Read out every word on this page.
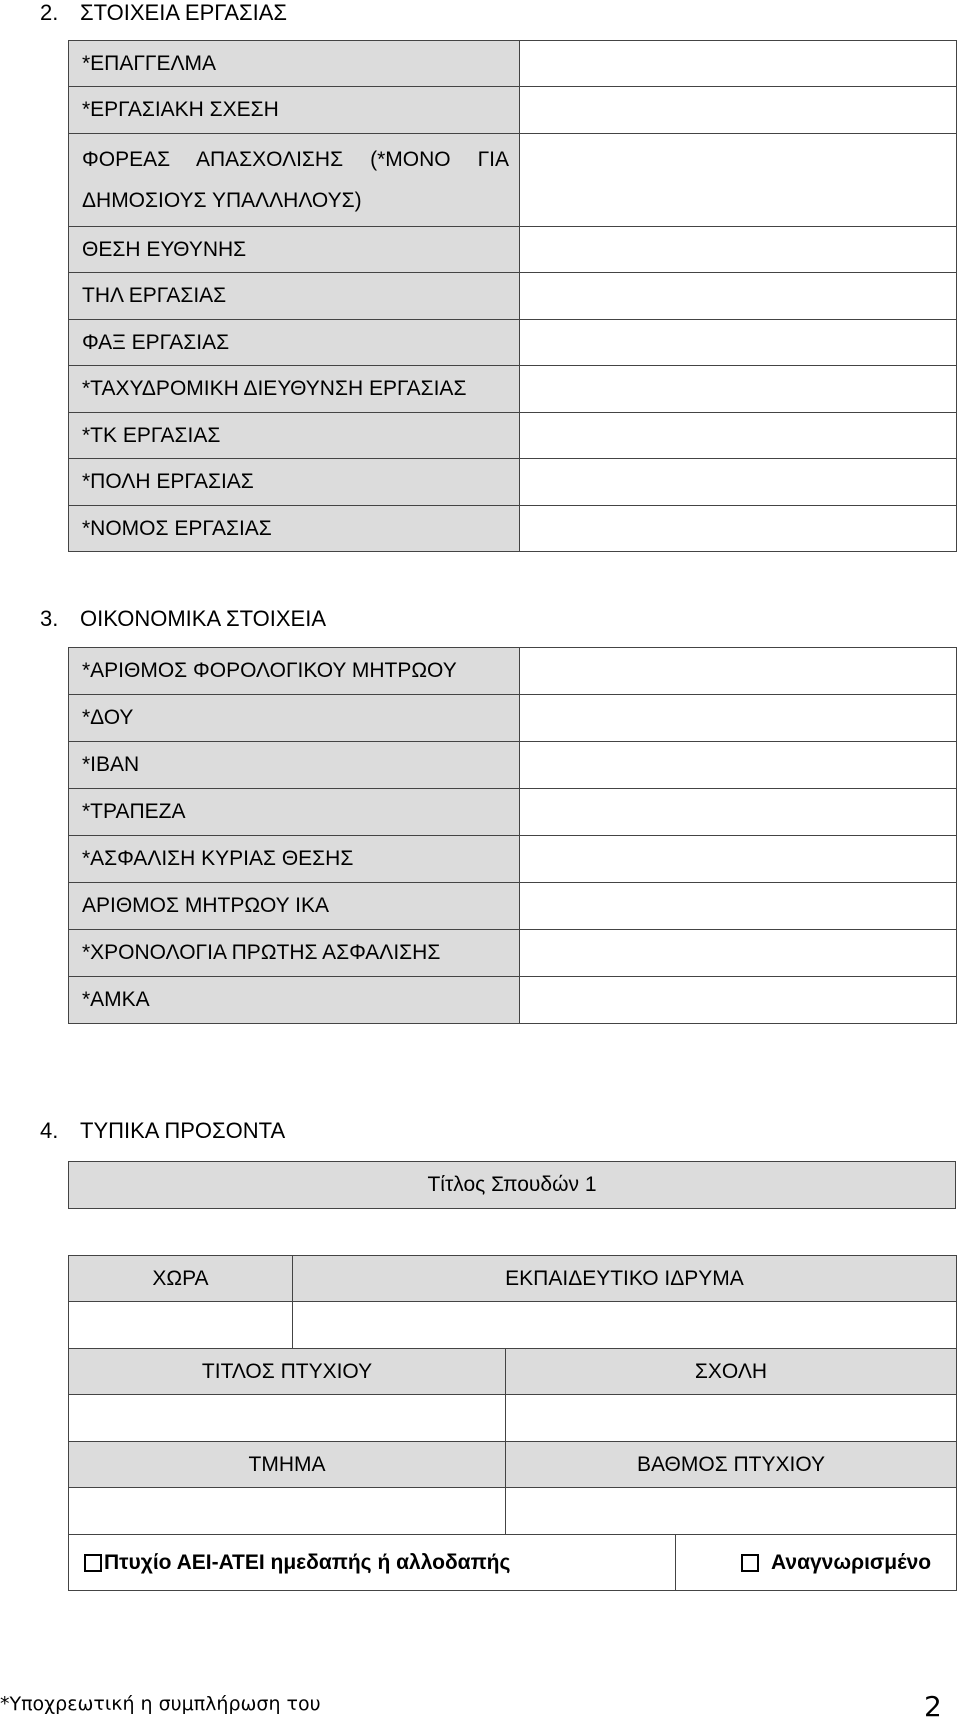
2. ΣΤΟΙΧΕΙΑ ΕΡΓΑΣΙΑΣ
*ΕΠΑΓΓΕΛΜΑ	
*ΕΡΓΑΣΙΑΚΗ ΣΧΕΣΗ	
ΦΟΡΕΑΣ ΑΠΑΣΧΟΛΙΣΗΣ (*ΜΟΝΟ ΓΙΑ ΔΗΜΟΣΙΟΥΣ ΥΠΑΛΛΗΛΟΥΣ)	
ΘΕΣΗ ΕΥΘΥΝΗΣ	
ΤΗΛ ΕΡΓΑΣΙΑΣ	
ΦΑΞ ΕΡΓΑΣΙΑΣ	
*ΤΑΧΥΔΡΟΜΙΚΗ ΔΙΕΥΘΥΝΣΗ ΕΡΓΑΣΙΑΣ	
*ΤΚ ΕΡΓΑΣΙΑΣ	
*ΠΟΛΗ ΕΡΓΑΣΙΑΣ	
*ΝΟΜΟΣ ΕΡΓΑΣΙΑΣ	
3. ΟΙΚΟΝΟΜΙΚΑ ΣΤΟΙΧΕΙΑ
*ΑΡΙΘΜΟΣ ΦΟΡΟΛΟΓΙΚΟΥ ΜΗΤΡΩΟΥ	
*ΔΟΥ	
*IBAN	
*ΤΡΑΠΕΖΑ	
*ΑΣΦΑΛΙΣΗ ΚΥΡΙΑΣ ΘΕΣΗΣ	
ΑΡΙΘΜΟΣ ΜΗΤΡΩΟΥ ΙΚΑ	
*ΧΡΟΝΟΛΟΓΙΑ ΠΡΩΤΗΣ ΑΣΦΑΛΙΣΗΣ	
*ΑΜΚΑ	
4. ΤΥΠΙΚΑ ΠΡΟΣΟΝΤΑ
Τίτλος Σπουδών 1
ΧΩΡΑ	ΕΚΠΑΙΔΕΥΤΙΚΟ ΙΔΡΥΜΑ

ΤΙΤΛΟΣ ΠΤΥΧΙΟΥ	ΣΧΟΛΗ

ΤΜΗΜΑ	ΒΑΘΜΟΣ ΠΤΥΧΙΟΥ

Πτυχίο ΑΕΙ-ΑΤΕΙ ημεδαπής ή αλλοδαπής	Αναγνωρισμένο
*Υποχρεωτική η συμπλήρωση του	2
